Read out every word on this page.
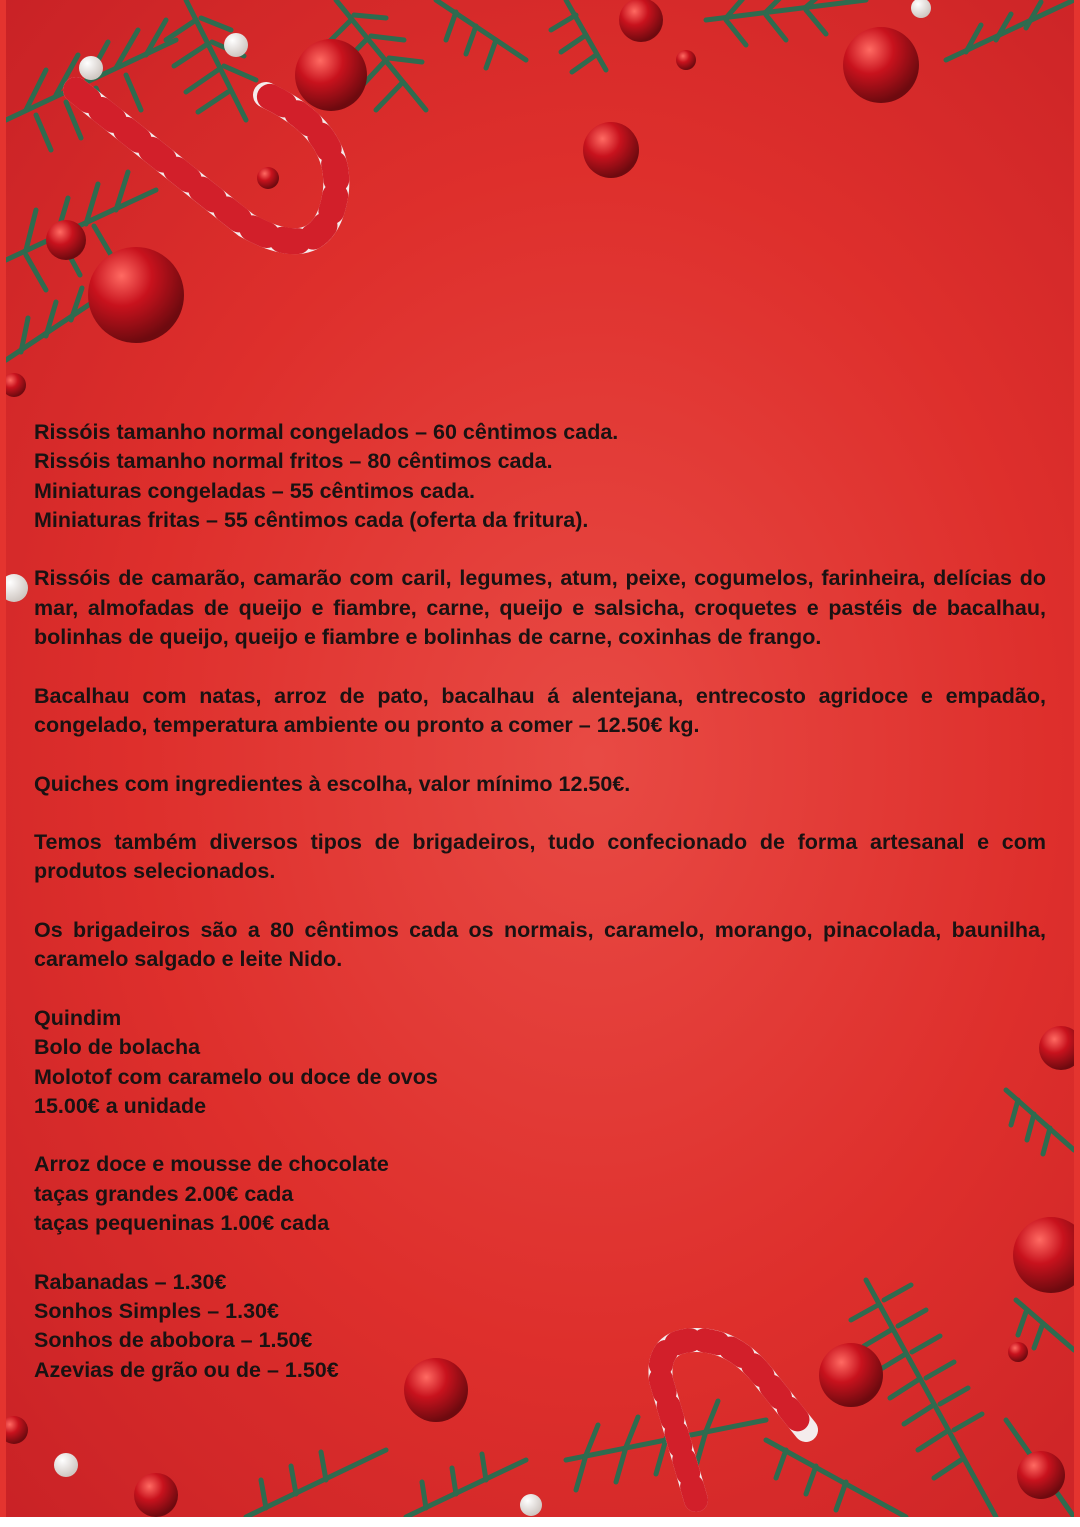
Rissóis tamanho normal congelados – 60 cêntimos cada.
Rissóis tamanho normal fritos – 80 cêntimos cada.
Miniaturas congeladas – 55 cêntimos cada.
Miniaturas fritas – 55 cêntimos cada (oferta da fritura).
Rissóis de camarão, camarão com caril, legumes, atum, peixe, cogumelos, farinheira, delícias do mar, almofadas de queijo e fiambre, carne, queijo e salsicha, croquetes e pastéis de bacalhau, bolinhas de queijo, queijo e fiambre e bolinhas de carne, coxinhas de frango.
Bacalhau com natas, arroz de pato, bacalhau á alentejana, entrecosto agridoce e empadão, congelado, temperatura ambiente ou pronto a comer – 12.50€ kg.
Quiches com ingredientes à escolha, valor mínimo 12.50€.
Temos também diversos tipos de brigadeiros, tudo confecionado de forma artesanal e com produtos selecionados.
Os brigadeiros são a 80 cêntimos cada os normais, caramelo, morango, pinacolada, baunilha, caramelo salgado e leite Nido.
Quindim
Bolo de bolacha
Molotof com caramelo ou doce de ovos
15.00€ a unidade
Arroz doce e mousse de chocolate
taças grandes 2.00€ cada
taças pequeninas 1.00€ cada
Rabanadas – 1.30€
Sonhos Simples – 1.30€
Sonhos de abobora – 1.50€
Azevias de grão ou de – 1.50€
